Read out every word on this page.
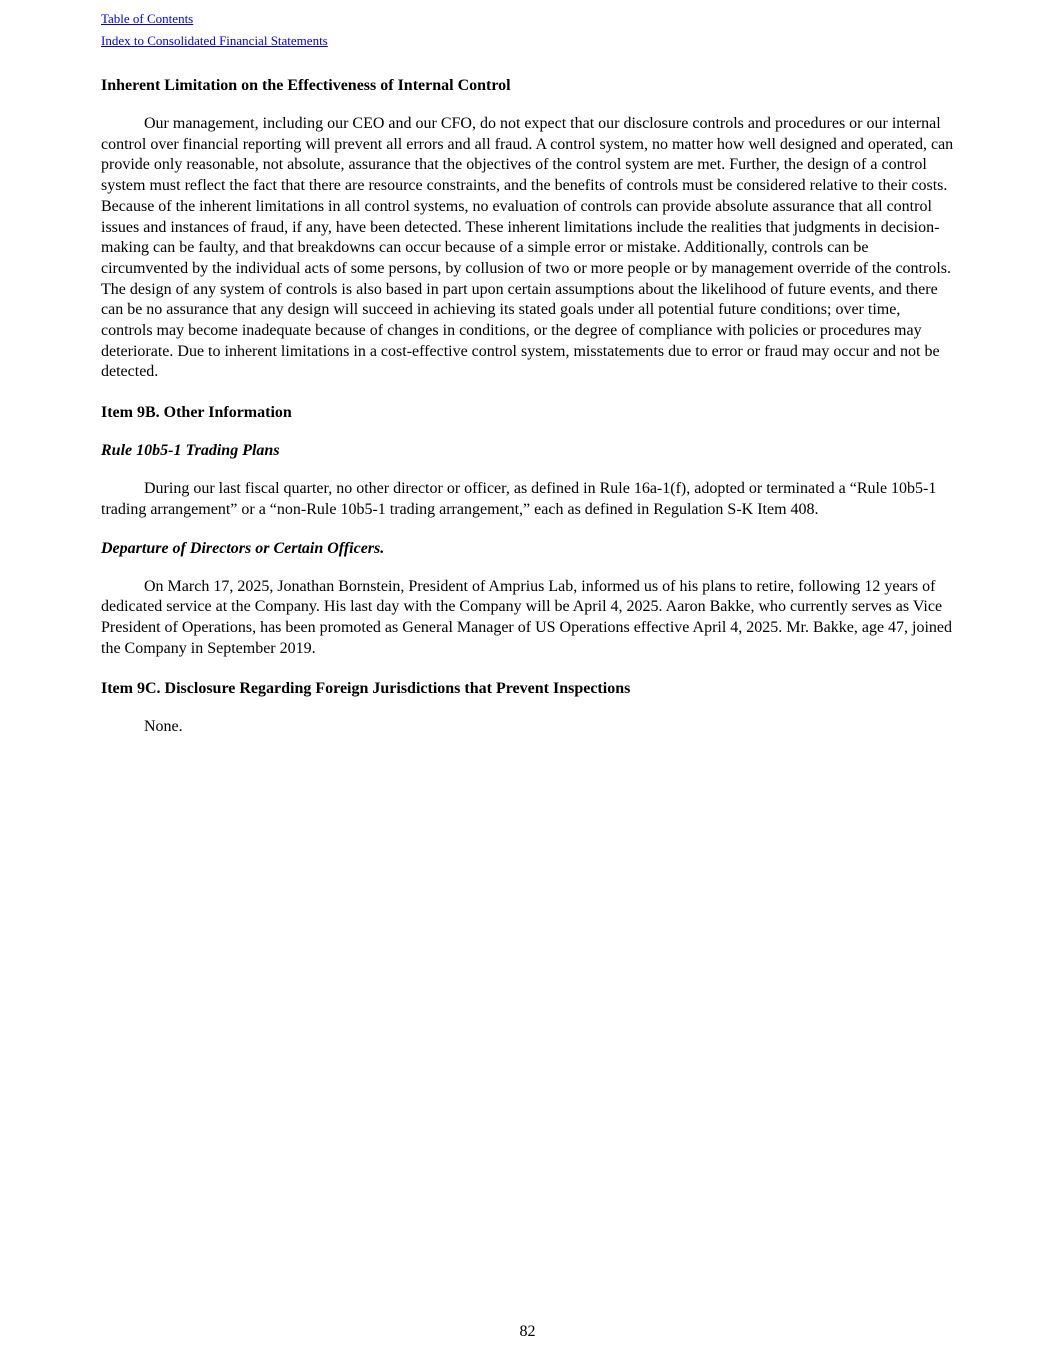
Table of Contents
Index to Consolidated Financial Statements

Inherent Limitation on the Effectiveness of Internal Control

Our management, including our CEO and our CFO, do not expect that our disclosure controls and procedures or our internal control over financial reporting will prevent all errors and all fraud. A control system, no matter how well designed and operated, can provide only reasonable, not absolute, assurance that the objectives of the control system are met. Further, the design of a control system must reflect the fact that there are resource constraints, and the benefits of controls must be considered relative to their costs. Because of the inherent limitations in all control systems, no evaluation of controls can provide absolute assurance that all control issues and instances of fraud, if any, have been detected. These inherent limitations include the realities that judgments in decision-making can be faulty, and that breakdowns can occur because of a simple error or mistake. Additionally, controls can be circumvented by the individual acts of some persons, by collusion of two or more people or by management override of the controls. The design of any system of controls is also based in part upon certain assumptions about the likelihood of future events, and there can be no assurance that any design will succeed in achieving its stated goals under all potential future conditions; over time, controls may become inadequate because of changes in conditions, or the degree of compliance with policies or procedures may deteriorate. Due to inherent limitations in a cost-effective control system, misstatements due to error or fraud may occur and not be detected.

Item 9B. Other Information

Rule 10b5-1 Trading Plans

During our last fiscal quarter, no other director or officer, as defined in Rule 16a-1(f), adopted or terminated a “Rule 10b5-1 trading arrangement” or a “non-Rule 10b5-1 trading arrangement,” each as defined in Regulation S-K Item 408.

Departure of Directors or Certain Officers.

On March 17, 2025, Jonathan Bornstein, President of Amprius Lab, informed us of his plans to retire, following 12 years of dedicated service at the Company. His last day with the Company will be April 4, 2025. Aaron Bakke, who currently serves as Vice President of Operations, has been promoted as General Manager of US Operations effective April 4, 2025. Mr. Bakke, age 47, joined the Company in September 2019.

Item 9C. Disclosure Regarding Foreign Jurisdictions that Prevent Inspections

None.

82
